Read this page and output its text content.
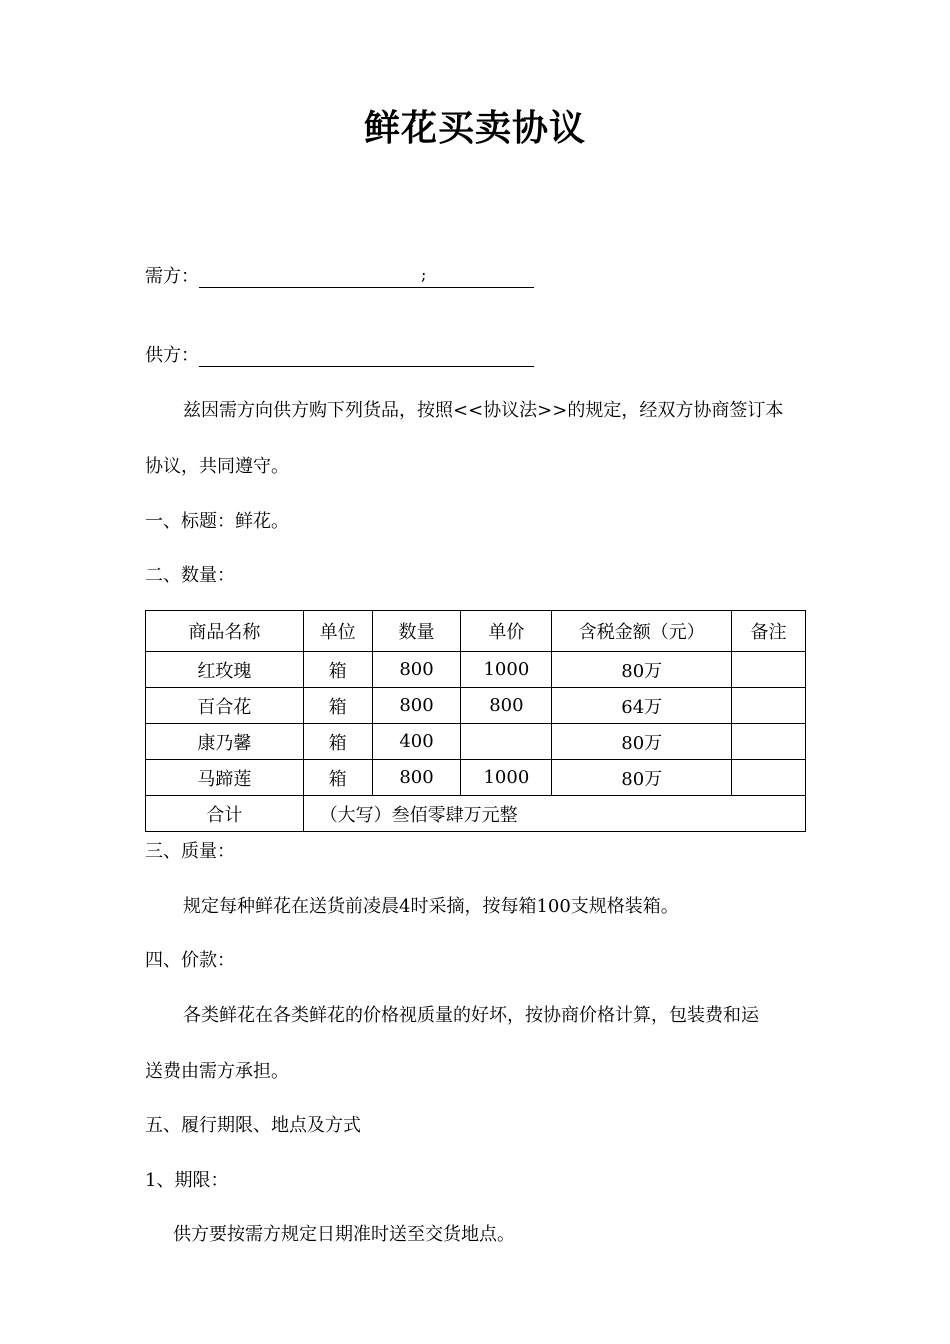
鲜花买卖协议
需方：	;
供方：
兹因需方向供方购下列货品，按照<<协议法>>的规定，经双方协商签订本
协议，共同遵守。
一、标题：鲜花。
二、数量：
商品名称	单位	数量	单价	含税金额（元）	备注
红玫瑰	箱	800	1000	80万	
百合花	箱	800	800	64万	
康乃馨	箱	400		80万	
马蹄莲	箱	800	1000	80万	
合计	（大写）叁佰零肆万元整				
三、质量：
规定每种鲜花在送货前凌晨4时采摘，按每箱100支规格装箱。
四、价款：
各类鲜花在各类鲜花的价格视质量的好坏，按协商价格计算，包装费和运
送费由需方承担。
五、履行期限、地点及方式
1、期限：
供方要按需方规定日期准时送至交货地点。
